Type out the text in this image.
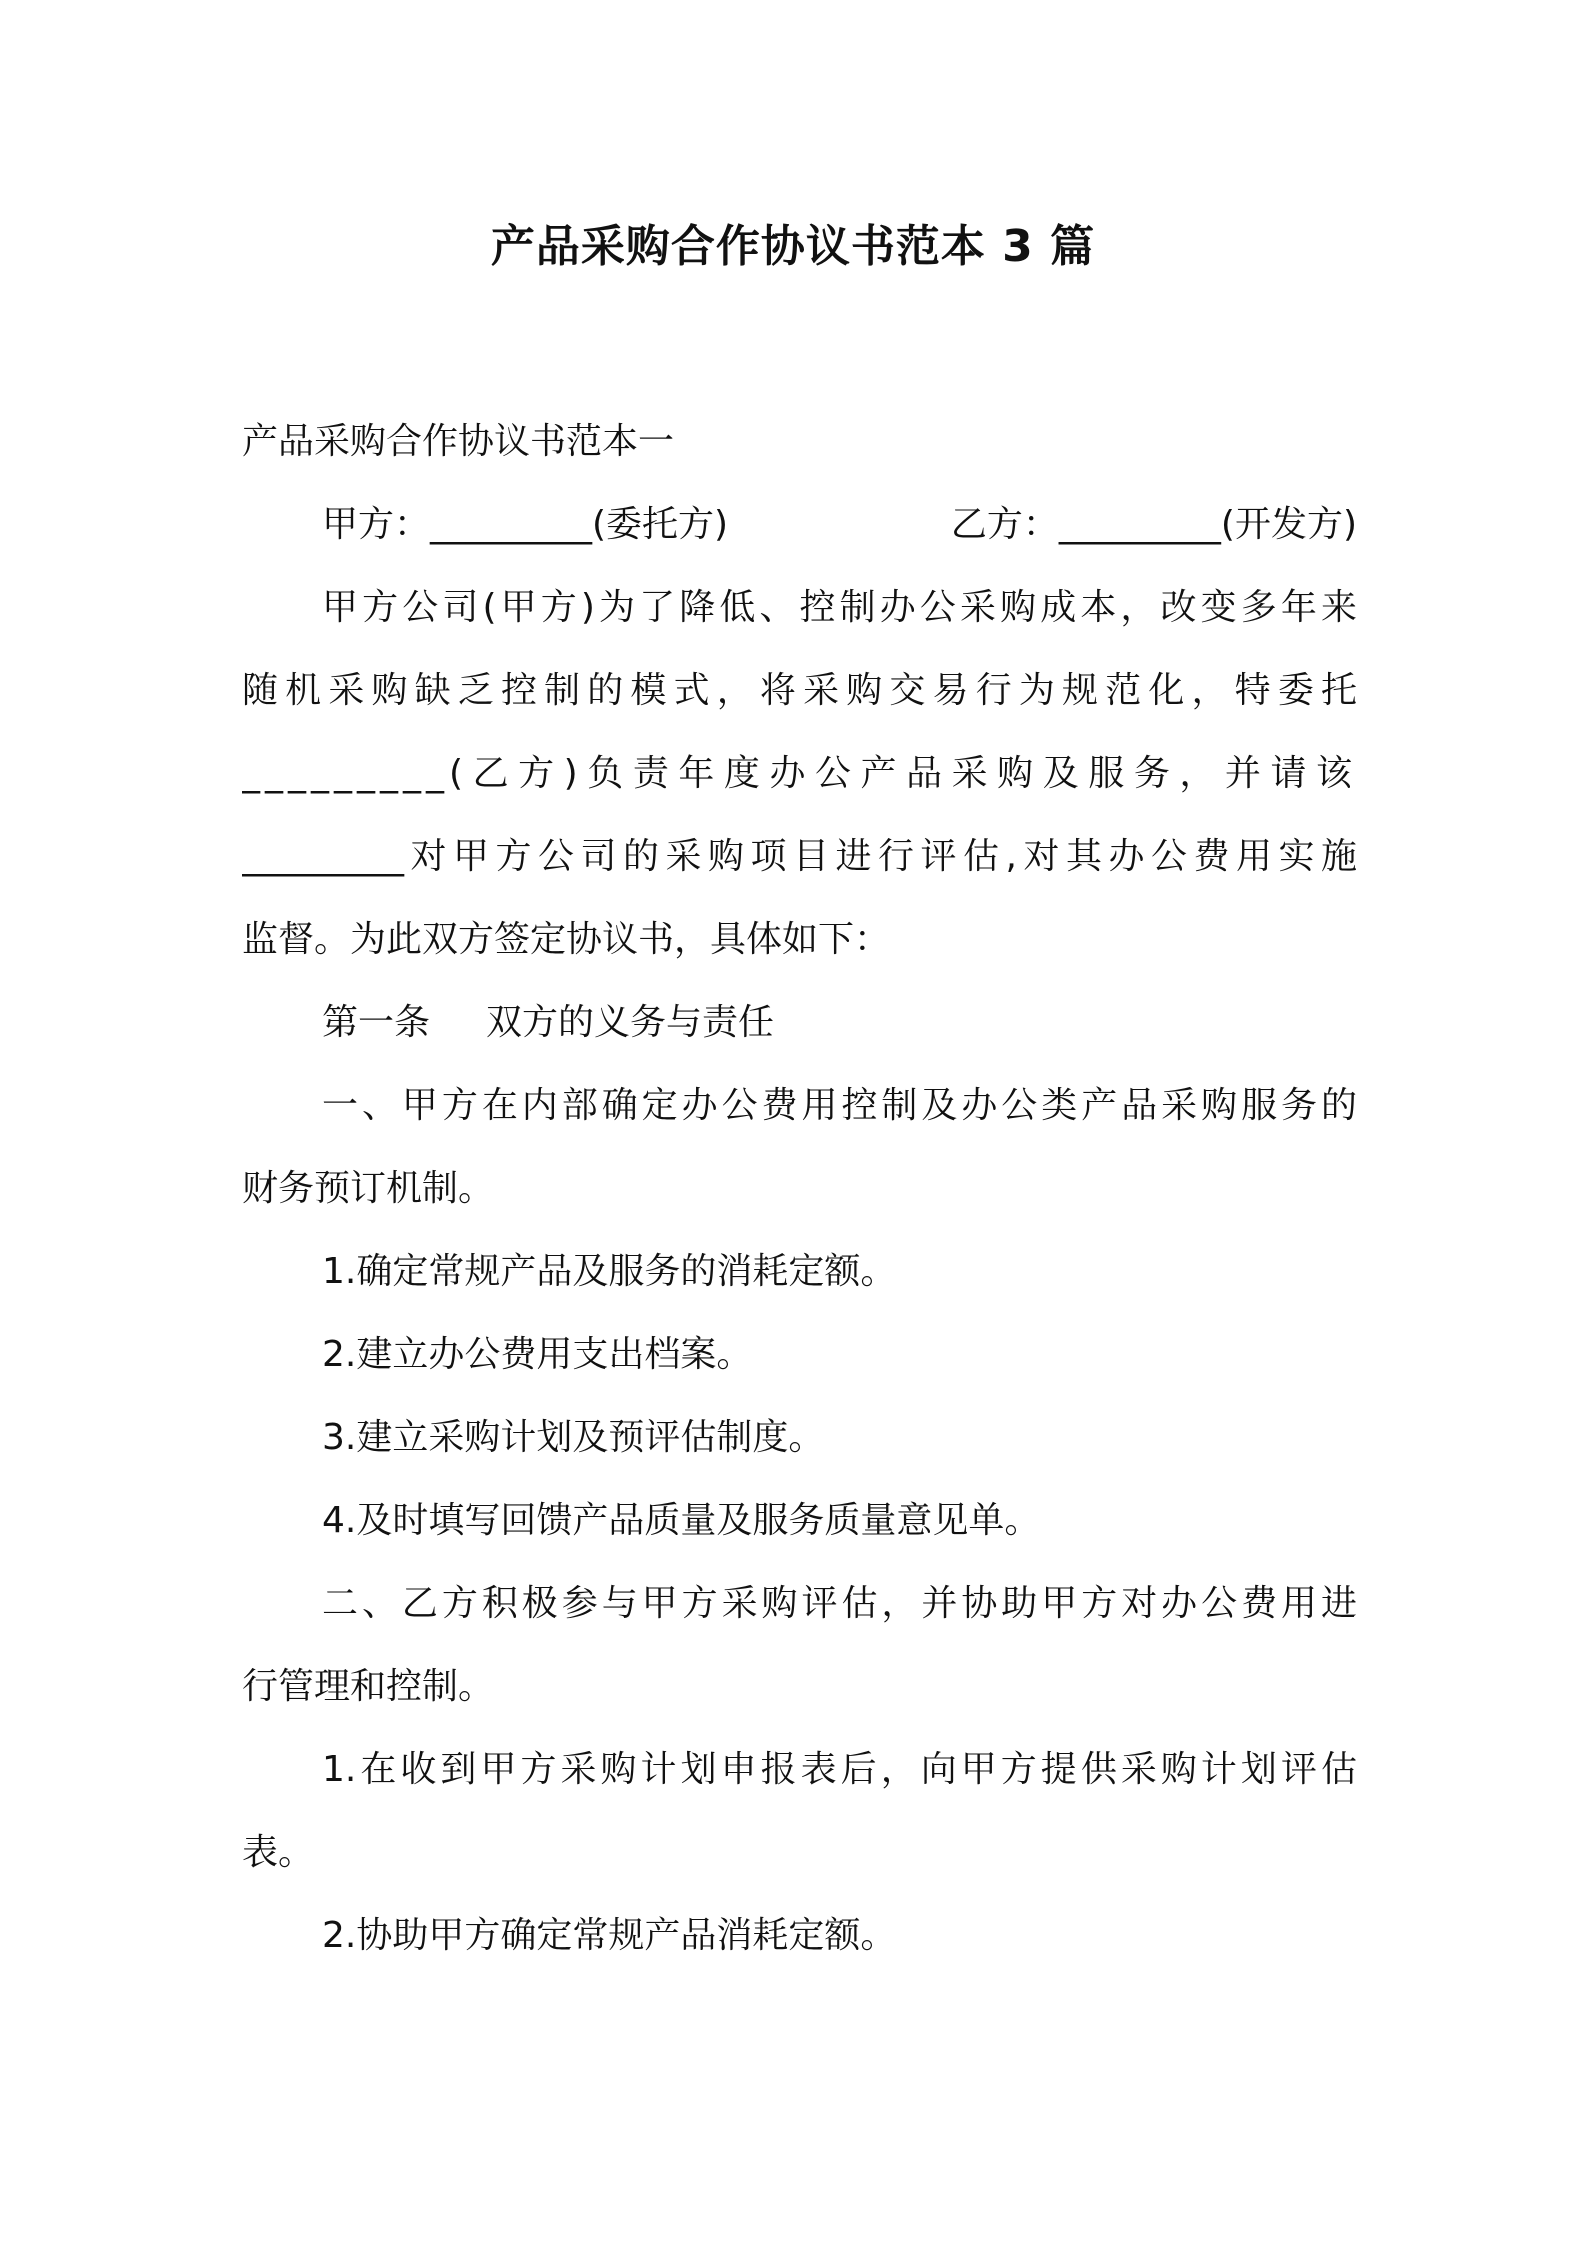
产品采购合作协议书范本 3 篇
产品采购合作协议书范本一
甲方：_________(委托方)	乙方：_________(开发方)
甲方公司(甲方)为了降低、控制办公采购成本，改变多年来
随机采购缺乏控制的模式，将采购交易行为规范化，特委托
_________(乙方)负责年度办公产品采购及服务，并请该
_________对甲方公司的采购项目进行评估,对其办公费用实施
监督。为此双方签定协议书，具体如下：
第一条 双方的义务与责任
一、甲方在内部确定办公费用控制及办公类产品采购服务的
财务预订机制。
1.确定常规产品及服务的消耗定额。
2.建立办公费用支出档案。
3.建立采购计划及预评估制度。
4.及时填写回馈产品质量及服务质量意见单。
二、乙方积极参与甲方采购评估，并协助甲方对办公费用进
行管理和控制。
1.在收到甲方采购计划申报表后，向甲方提供采购计划评估
表。
2.协助甲方确定常规产品消耗定额。
